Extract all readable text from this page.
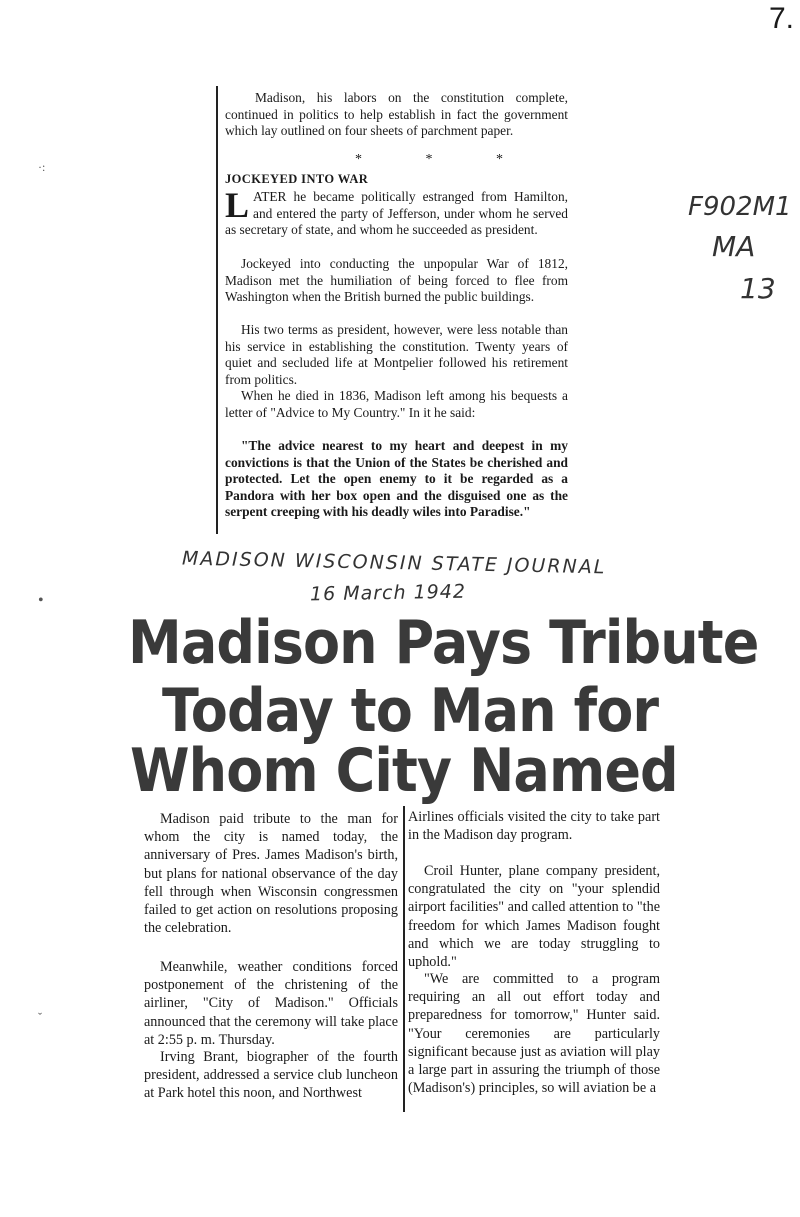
7.

Madison, his labors on the constitution complete, continued in politics to help establish in fact the government which lay outlined on four sheets of parchment paper.

* * *

JOCKEYED INTO WAR

LATER he became politically estranged from Hamilton, and entered the party of Jefferson, under whom he served as secretary of state, and whom he succeeded as president.

Jockeyed into conducting the unpopular War of 1812, Madison met the humiliation of being forced to flee from Washington when the British burned the public buildings.

His two terms as president, however, were less notable than his service in establishing the constitution. Twenty years of quiet and secluded life at Montpelier followed his retirement from politics.

When he died in 1836, Madison left among his bequests a letter of "Advice to My Country." In it he said:

"The advice nearest to my heart and deepest in my convictions is that the Union of the States be cherished and protected. Let the open enemy to it be regarded as a Pandora with her box open and the disguised one as the serpent creeping with his deadly wiles into Paradise."

F902M1
MA
13
MADISON WISCONSIN STATE JOURNAL
16 March 1942
·:
•
ˇ
Madison Pays Tribute
Today to Man for
Whom City Named

Madison paid tribute to the man for whom the city is named today, the anniversary of Pres. James Madison's birth, but plans for national observance of the day fell through when Wisconsin congressmen failed to get action on resolutions proposing the celebration.

Meanwhile, weather conditions forced postponement of the christening of the airliner, "City of Madison." Officials announced that the ceremony will take place at 2:55 p. m. Thursday.

Irving Brant, biographer of the fourth president, addressed a service club luncheon at Park hotel this noon, and Northwest

Airlines officials visited the city to take part in the Madison day program.

Croil Hunter, plane company president, congratulated the city on "your splendid airport facilities" and called attention to "the freedom for which James Madison fought and which we are today struggling to uphold."

"We are committed to a program requiring an all out effort today and preparedness for tomorrow," Hunter said. "Your ceremonies are particularly significant because just as aviation will play a large part in assuring the triumph of those (Madison's) principles, so will aviation be a
